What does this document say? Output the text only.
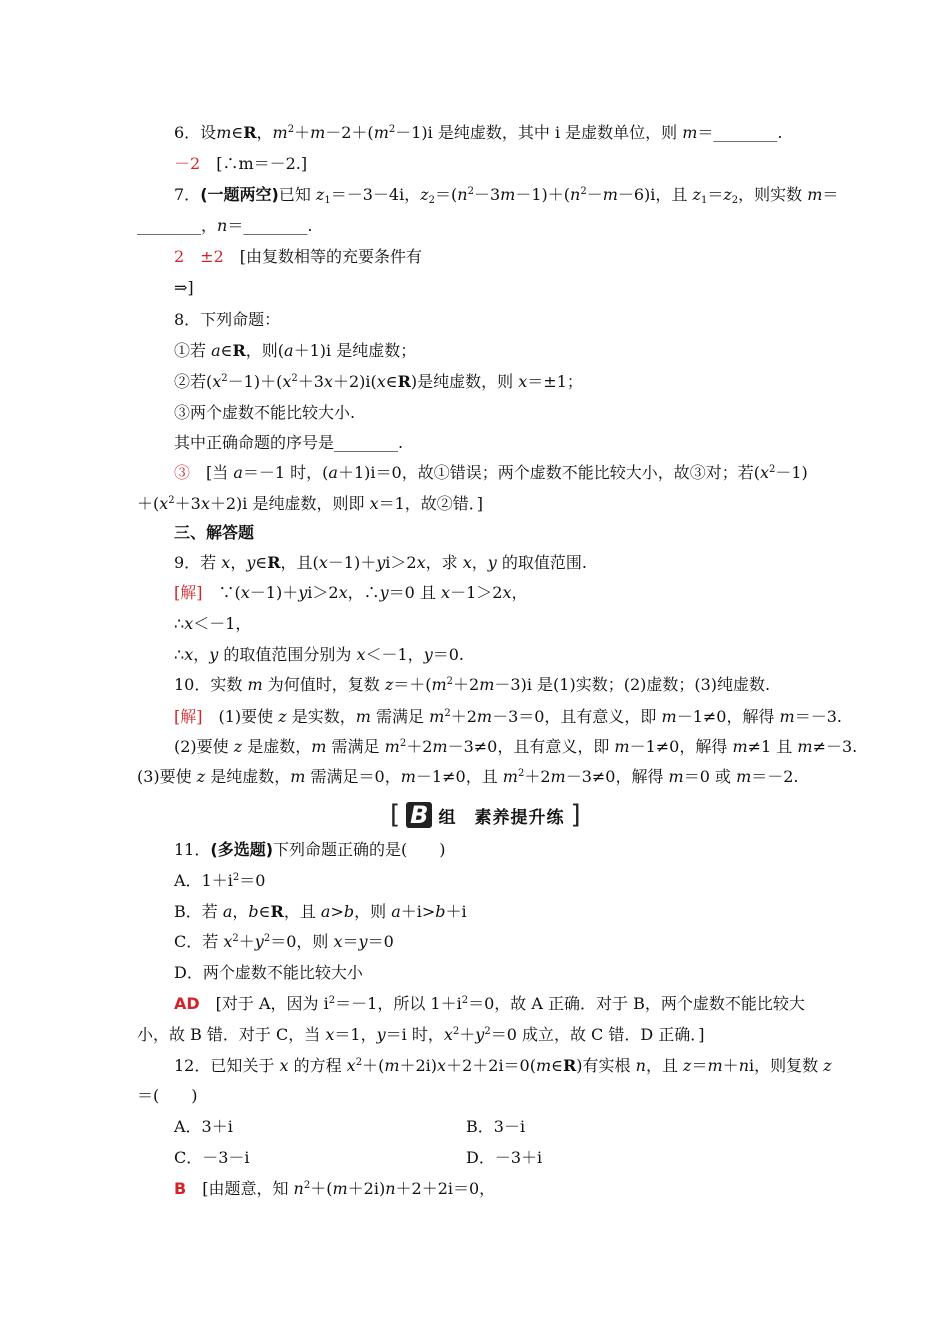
6．设m∈R，$m^2+m-2+(m^2-1)i$ 是纯虚数，其中 i 是虚数单位，则 m＝________.
－2　 [∴m＝－2.]
7．(一题两空)已知 $z_1=-3-4i$，$z_2=(n^2-3m-1)+(n^2-m-6)i$，且 $z_1=z_2$，则实数 m＝
________，n＝________.
2　±2　 [由复数相等的充要条件有
⇒]
8．下列命题：
①若 a∈R，则(a＋1)i 是纯虚数；
②若$(x^2-1)+(x^2+3x+2)i(x\in R)$是纯虚数，则 x＝±1；
③两个虚数不能比较大小.
其中正确命题的序号是________.
③　[当 a＝－1 时，(a＋1)i＝0，故①错误；两个虚数不能比较大小，故③对；若$(x^2-1)$
$+(x^2+3x+2)i$ 是纯虚数，则即 x＝1，故②错．]
三、解答题
9．若 x，y∈R，且(x－1)＋yi＞2x，求 x，y 的取值范围.
[解]　∵(x－1)＋yi＞2x，∴y＝0 且 x－1＞2x，
∴x＜－1，
∴x，y 的取值范围分别为 x＜－1，y＝0.
10．实数 m 为何值时，复数 $z=+(m^2+2m-3)i$ 是(1)实数；(2)虚数；(3)纯虚数.
[解]　(1)要使 z 是实数，m 需满足 $m^2+2m-3=0$，且有意义，即 m－1≠0，解得 m＝－3.
(2)要使 z 是虚数，m 需满足 $m^2+2m-3\ne 0$，且有意义，即 m－1≠0，解得 m≠1 且 m≠－3.
(3)要使 z 是纯虚数，m 需满足＝0，m－1≠0，且 $m^2+2m-3\ne 0$，解得 m＝0 或 m＝－2.
[ B 组　素养提升练 ]
11．(多选题)下列命题正确的是(　　)
A．$1+i^2=0$
B．若 a，b∈R，且 a>b，则 a＋i>b＋i
C．若 $x^2+y^2=0$，则 x＝y＝0
D．两个虚数不能比较大小
AD　[对于 A，因为 $i^2=-1$，所以 $1+i^2=0$，故 A 正确．对于 B，两个虚数不能比较大
小，故 B 错．对于 C，当 x＝1，y＝i 时，$x^2+y^2=0$ 成立，故 C 错．D 正确．]
12．已知关于 x 的方程 $x^2+(m+2i)x+2+2i=0(m\in R)$有实根 n，且 z＝m＋ni，则复数 z
＝(　　)
A．3＋i	B．3－i
C．－3－i	D．－3＋i
B　[由题意，知 $n^2+(m+2i)n+2+2i=0$，
